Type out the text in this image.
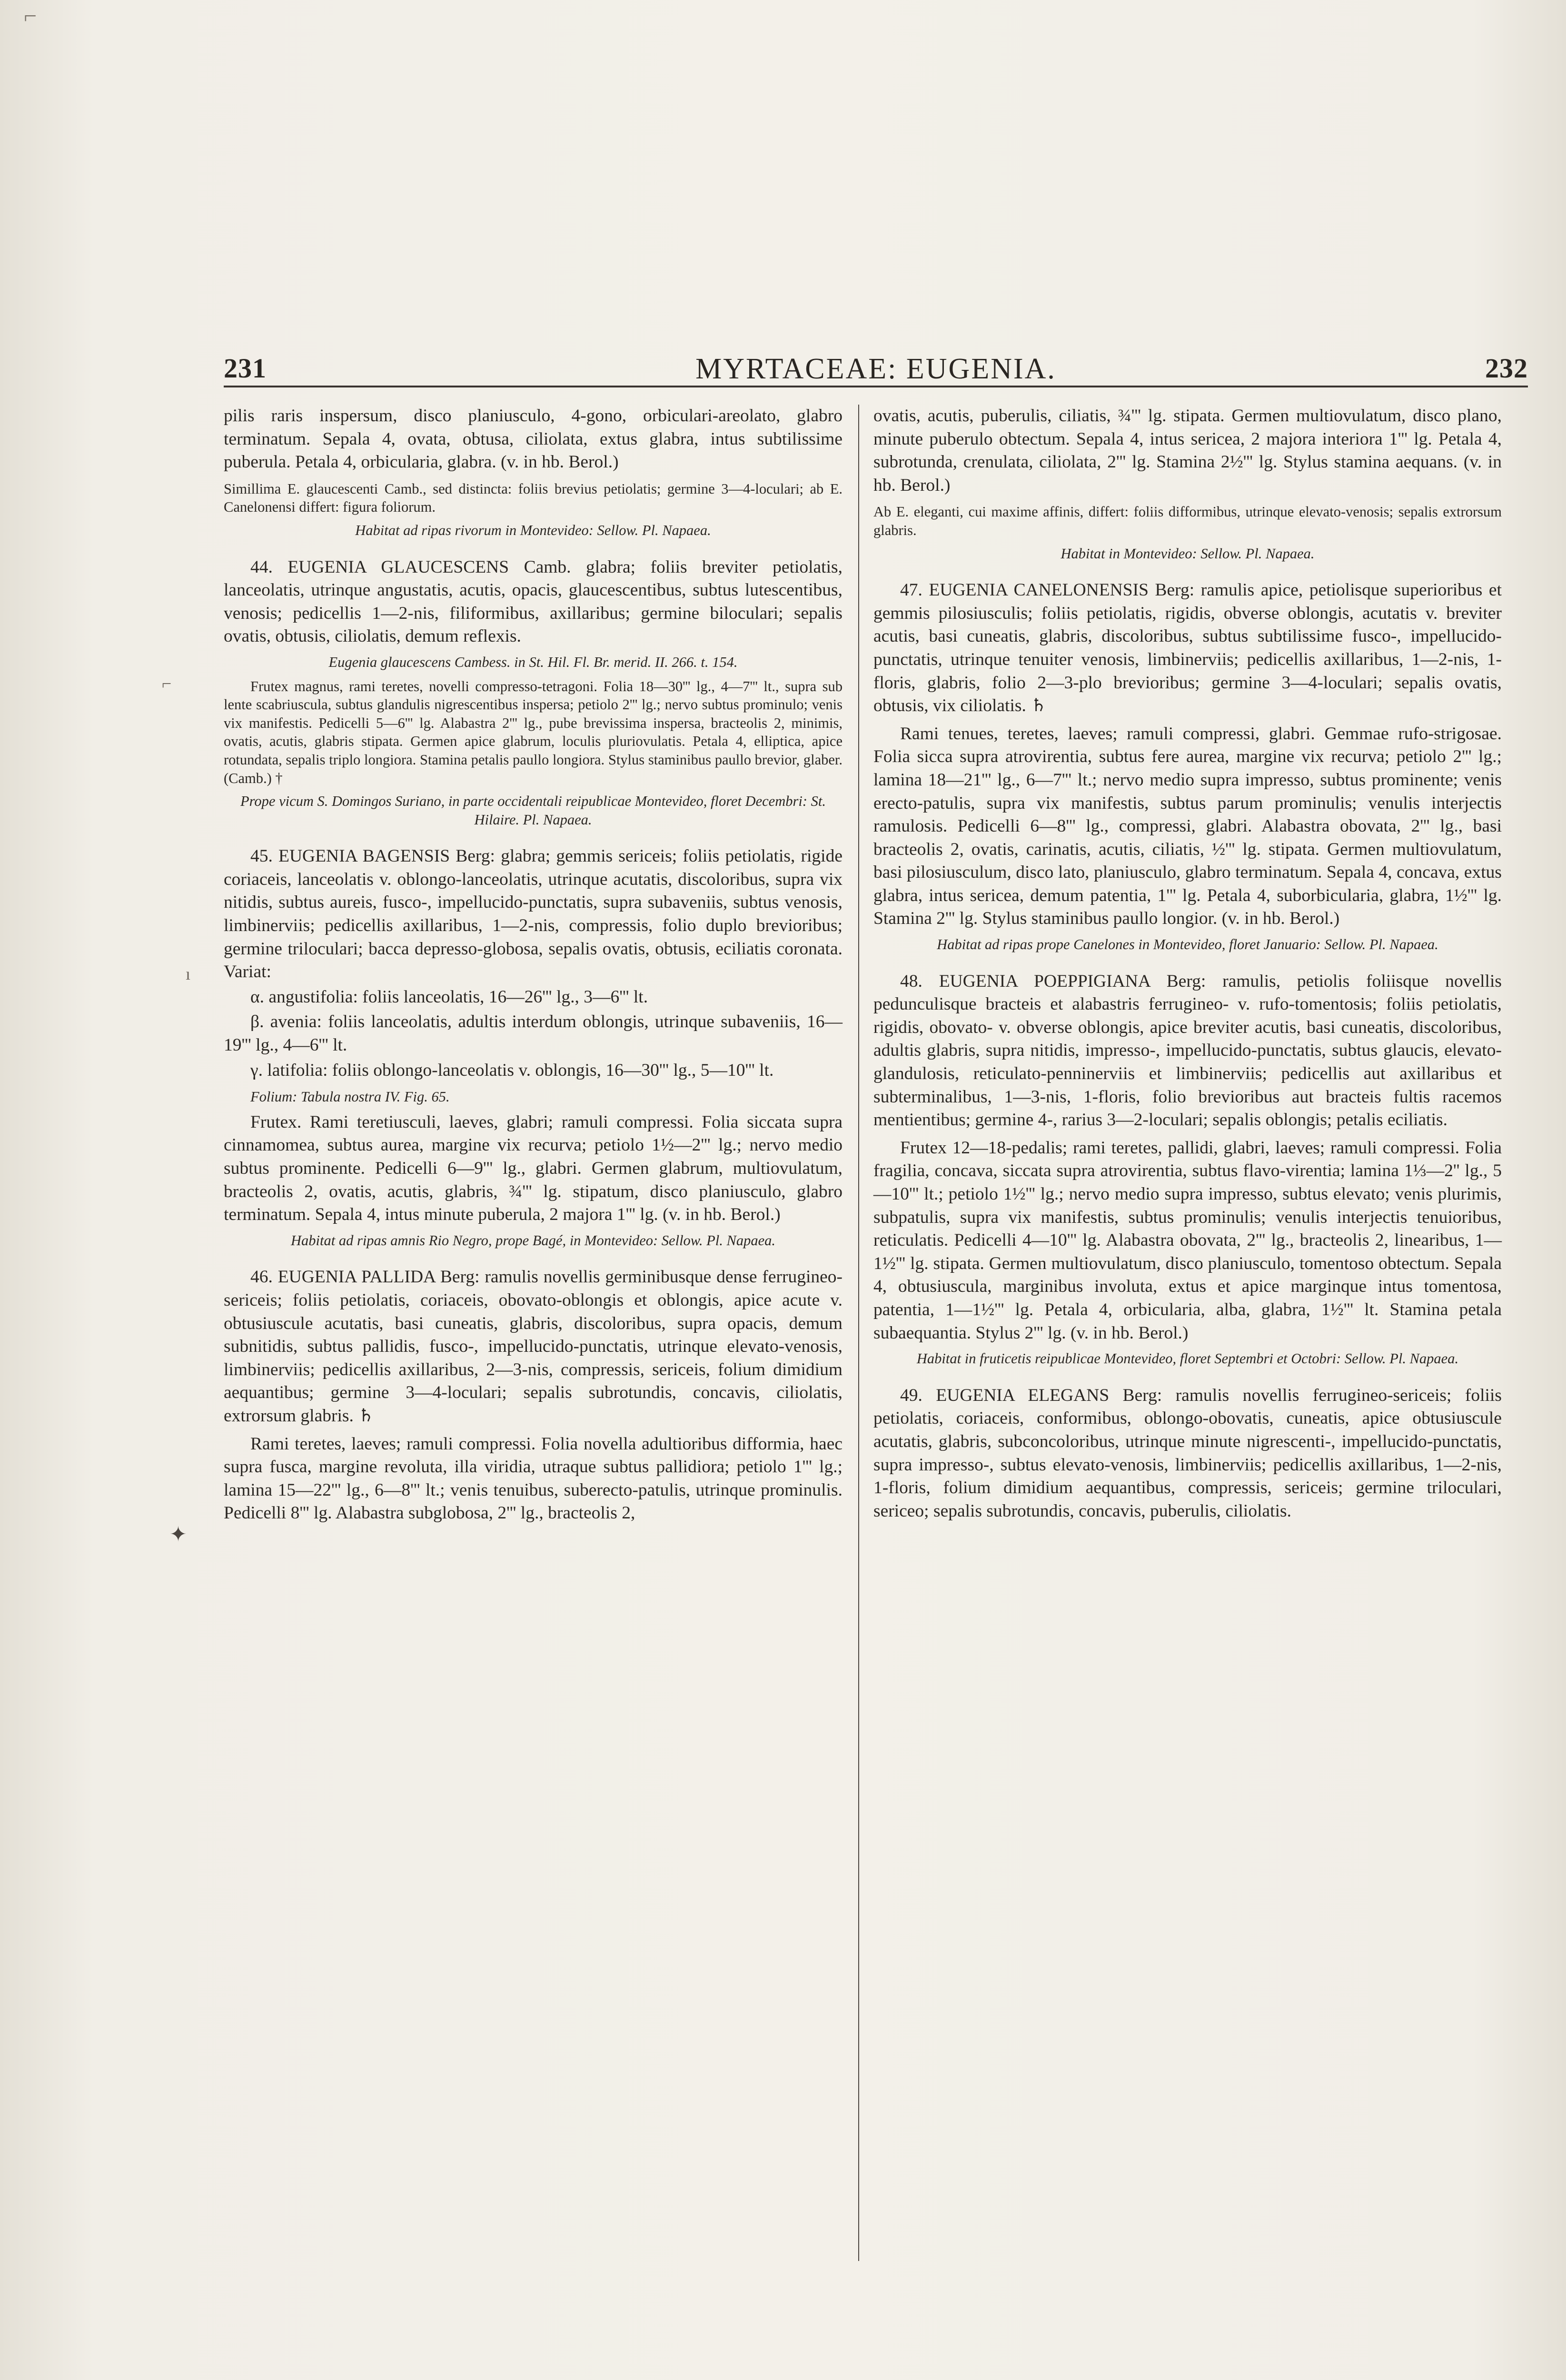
⌐
231	MYRTACEAE: EUGENIA.	232
⌐
ı
✦

pilis raris inspersum, disco planiusculo, 4-gono, orbiculari-areolato, glabro terminatum. Sepala 4, ovata, obtusa, ciliolata, extus glabra, intus subtilissime puberula. Petala 4, orbicularia, glabra. (v. in hb. Berol.)

Simillima E. glaucescenti Camb., sed distincta: foliis brevius petiolatis; germine 3—4-loculari; ab E. Canelonensi differt: figura foliorum.

Habitat ad ripas rivorum in Montevideo: Sellow. Pl. Napaea.

44. EUGENIA GLAUCESCENS Camb. glabra; foliis breviter petiolatis, lanceolatis, utrinque angustatis, acutis, opacis, glaucescentibus, subtus lutescentibus, venosis; pedicellis 1—2-nis, filiformibus, axillaribus; germine biloculari; sepalis ovatis, obtusis, ciliolatis, demum reflexis.

Eugenia glaucescens Cambess. in St. Hil. Fl. Br. merid. II. 266. t. 154.

Frutex magnus, rami teretes, novelli compresso-tetragoni. Folia 18—30''' lg., 4—7''' lt., supra sub lente scabriuscula, subtus glandulis nigrescentibus inspersa; petiolo 2''' lg.; nervo subtus prominulo; venis vix manifestis. Pedicelli 5—6''' lg. Alabastra 2''' lg., pube brevissima inspersa, bracteolis 2, minimis, ovatis, acutis, glabris stipata. Germen apice glabrum, loculis pluriovulatis. Petala 4, elliptica, apice rotundata, sepalis triplo longiora. Stamina petalis paullo longiora. Stylus staminibus paullo brevior, glaber. (Camb.) †

Prope vicum S. Domingos Suriano, in parte occidentali reipublicae Montevideo, floret Decembri: St. Hilaire. Pl. Napaea.

45. EUGENIA BAGENSIS Berg: glabra; gemmis sericeis; foliis petiolatis, rigide coriaceis, lanceolatis v. oblongo-lanceolatis, utrinque acutatis, discoloribus, supra vix nitidis, subtus aureis, fusco-, impellucido-punctatis, supra subaveniis, subtus venosis, limbinerviis; pedicellis axillaribus, 1—2-nis, compressis, folio duplo brevioribus; germine triloculari; bacca depresso-globosa, sepalis ovatis, obtusis, eciliatis coronata. Variat:

α. angustifolia: foliis lanceolatis, 16—26''' lg., 3—6''' lt.

β. avenia: foliis lanceolatis, adultis interdum oblongis, utrinque subaveniis, 16—19''' lg., 4—6''' lt.

γ. latifolia: foliis oblongo-lanceolatis v. oblongis, 16—30''' lg., 5—10''' lt.

Folium: Tabula nostra IV. Fig. 65.

Frutex. Rami teretiusculi, laeves, glabri; ramuli compressi. Folia siccata supra cinnamomea, subtus aurea, margine vix recurva; petiolo 1½—2''' lg.; nervo medio subtus prominente. Pedicelli 6—9''' lg., glabri. Germen glabrum, multiovulatum, bracteolis 2, ovatis, acutis, glabris, ¾''' lg. stipatum, disco planiusculo, glabro terminatum. Sepala 4, intus minute puberula, 2 majora 1''' lg. (v. in hb. Berol.)

Habitat ad ripas amnis Rio Negro, prope Bagé, in Montevideo: Sellow. Pl. Napaea.

46. EUGENIA PALLIDA Berg: ramulis novellis germinibusque dense ferrugineo-sericeis; foliis petiolatis, coriaceis, obovato-oblongis et oblongis, apice acute v. obtusiuscule acutatis, basi cuneatis, glabris, discoloribus, supra opacis, demum subnitidis, subtus pallidis, fusco-, impellucido-punctatis, utrinque elevato-venosis, limbinerviis; pedicellis axillaribus, 2—3-nis, compressis, sericeis, folium dimidium aequantibus; germine 3—4-loculari; sepalis subrotundis, concavis, ciliolatis, extrorsum glabris. ♄

Rami teretes, laeves; ramuli compressi. Folia novella adultioribus difformia, haec supra fusca, margine revoluta, illa viridia, utraque subtus pallidiora; petiolo 1''' lg.; lamina 15—22''' lg., 6—8''' lt.; venis tenuibus, suberecto-patulis, utrinque prominulis. Pedicelli 8''' lg. Alabastra subglobosa, 2''' lg., bracteolis 2,

ovatis, acutis, puberulis, ciliatis, ¾''' lg. stipata. Germen multiovulatum, disco plano, minute puberulo obtectum. Sepala 4, intus sericea, 2 majora interiora 1''' lg. Petala 4, subrotunda, crenulata, ciliolata, 2''' lg. Stamina 2½''' lg. Stylus stamina aequans. (v. in hb. Berol.)

Ab E. eleganti, cui maxime affinis, differt: foliis difformibus, utrinque elevato-venosis; sepalis extrorsum glabris.

Habitat in Montevideo: Sellow. Pl. Napaea.

47. EUGENIA CANELONENSIS Berg: ramulis apice, petiolisque superioribus et gemmis pilosiusculis; foliis petiolatis, rigidis, obverse oblongis, acutatis v. breviter acutis, basi cuneatis, glabris, discoloribus, subtus subtilissime fusco-, impellucido-punctatis, utrinque tenuiter venosis, limbinerviis; pedicellis axillaribus, 1—2-nis, 1-floris, glabris, folio 2—3-plo brevioribus; germine 3—4-loculari; sepalis ovatis, obtusis, vix ciliolatis. ♄

Rami tenues, teretes, laeves; ramuli compressi, glabri. Gemmae rufo-strigosae. Folia sicca supra atrovirentia, subtus fere aurea, margine vix recurva; petiolo 2''' lg.; lamina 18—21''' lg., 6—7''' lt.; nervo medio supra impresso, subtus prominente; venis erecto-patulis, supra vix manifestis, subtus parum prominulis; venulis interjectis ramulosis. Pedicelli 6—8''' lg., compressi, glabri. Alabastra obovata, 2''' lg., basi bracteolis 2, ovatis, carinatis, acutis, ciliatis, ½''' lg. stipata. Germen multiovulatum, basi pilosiusculum, disco lato, planiusculo, glabro terminatum. Sepala 4, concava, extus glabra, intus sericea, demum patentia, 1''' lg. Petala 4, suborbicularia, glabra, 1½''' lg. Stamina 2''' lg. Stylus staminibus paullo longior. (v. in hb. Berol.)

Habitat ad ripas prope Canelones in Montevideo, floret Januario: Sellow. Pl. Napaea.

48. EUGENIA POEPPIGIANA Berg: ramulis, petiolis foliisque novellis pedunculisque bracteis et alabastris ferrugineo- v. rufo-tomentosis; foliis petiolatis, rigidis, obovato- v. obverse oblongis, apice breviter acutis, basi cuneatis, discoloribus, adultis glabris, supra nitidis, impresso-, impellucido-punctatis, subtus glaucis, elevato-glandulosis, reticulato-penninerviis et limbinerviis; pedicellis aut axillaribus et subterminalibus, 1—3-nis, 1-floris, folio brevioribus aut bracteis fultis racemos mentientibus; germine 4-, rarius 3—2-loculari; sepalis oblongis; petalis eciliatis.

Frutex 12—18-pedalis; rami teretes, pallidi, glabri, laeves; ramuli compressi. Folia fragilia, concava, siccata supra atrovirentia, subtus flavo-virentia; lamina 1⅓—2'' lg., 5—10''' lt.; petiolo 1½''' lg.; nervo medio supra impresso, subtus elevato; venis plurimis, subpatulis, supra vix manifestis, subtus prominulis; venulis interjectis tenuioribus, reticulatis. Pedicelli 4—10''' lg. Alabastra obovata, 2''' lg., bracteolis 2, linearibus, 1—1½''' lg. stipata. Germen multiovulatum, disco planiusculo, tomentoso obtectum. Sepala 4, obtusiuscula, marginibus involuta, extus et apice marginque intus tomentosa, patentia, 1—1½''' lg. Petala 4, orbicularia, alba, glabra, 1½''' lt. Stamina petala subaequantia. Stylus 2''' lg. (v. in hb. Berol.)

Habitat in fruticetis reipublicae Montevideo, floret Septembri et Octobri: Sellow. Pl. Napaea.

49. EUGENIA ELEGANS Berg: ramulis novellis ferrugineo-sericeis; foliis petiolatis, coriaceis, conformibus, oblongo-obovatis, cuneatis, apice obtusiuscule acutatis, glabris, subconcoloribus, utrinque minute nigrescenti-, impellucido-punctatis, supra impresso-, subtus elevato-venosis, limbinerviis; pedicellis axillaribus, 1—2-nis, 1-floris, folium dimidium aequantibus, compressis, sericeis; germine triloculari, sericeo; sepalis subrotundis, concavis, puberulis, ciliolatis.
